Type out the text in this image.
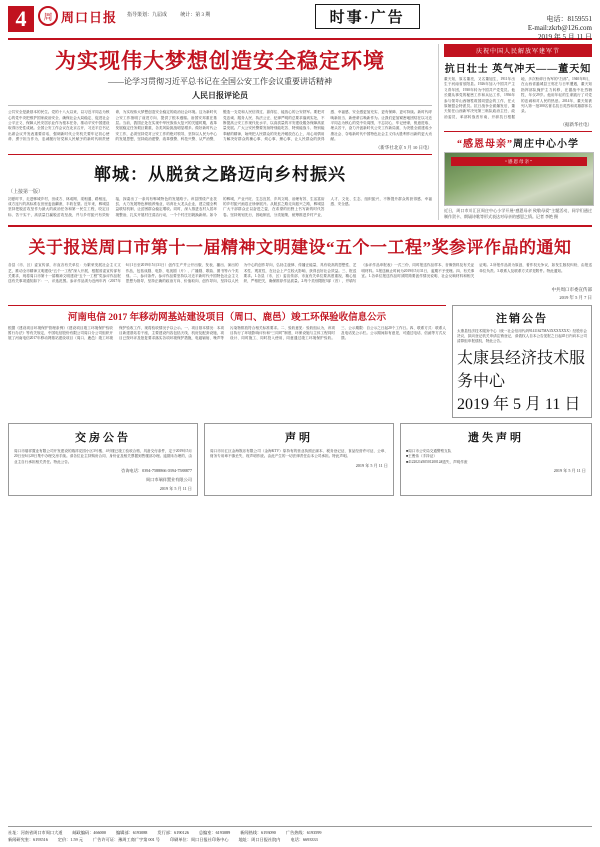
4	周 周口日报 指导策划：九届成	统计：第 3 期	时事·广告	电话：8159551
E-mail:zkrb@126.com
2019 年 5 月 11 日
为实现伟大梦想创造安全稳定环境
——论学习贯彻习近平总书记在全国公安工作会议重要讲话精神
人民日报评论员
公共安全是最基本的民生。党的十八大以来，以习近平同志为核心的党中央把维护国家政治安全、确保社会大局稳定、促进社会公平正义、保障人民安居乐业作为根本任务，推动平安中国建设取得历史性成就。全国公安工作会议在北京召开，习近平总书记出席会议并发表重要讲话，强调新时代公安机关要牢记初心使命、勇于担当作为，忠诚履行好党和人民赋予的新时代职责使命，为实现伟大梦想创造安全稳定的政治社会环境。这为新时代公安工作指明了前进方向、提供了根本遵循。治国安邦重在基层。当前，我国正处在实现中华民族伟大复兴的关键时期，改革发展稳定任务艰巨繁重，各类风险挑战明显增多。做好新时代公安工作，必须坚持党对公安工作的绝对领导，坚持以人民为中心的发展思想，坚持政治建警、改革强警、科技兴警、从严治警，锻造一支党和人民信得过、靠得住、能放心的公安铁军。要把对党忠诚、服务人民、执法公正、纪律严明的总要求落到实处，不断提高公安工作现代化水平，以高质量的平安建设服务保障高质量发展。广大公安民警要发扬特别能吃苦、特别能战斗、特别能奉献的精神，始终把人民群众的安危冷暖放在心上，用心用情用力解决好群众的操心事、烦心事、揪心事，让人民群众的获得感、幸福感、安全感更加充实、更有保障、更可持续。新时代呼唤新担当、新使命召唤新作为。让我们更加紧密地团结在以习近平同志为核心的党中央周围，不忘初心、牢记使命，锐意进取、埋头苦干，奋力开创新时代公安工作新局面，为决胜全面建成小康社会、夺取新时代中国特色社会主义伟大胜利作出新的更大贡献。
（新华社北京 5 月 10 日电）
郸城：从脱贫之路迈向乡村振兴
（上接第一版）
初夏时节，走进郸城乡村，田成方、林成网、渠相通、路相连，成方连片的高标准农田里麦浪翻滚，丰收在望。近年来，郸城县坚持把脱贫攻坚作为最大的政治任务和第一民生工程，咬定目标、苦干实干，高质量打赢脱贫攻坚战，并与乡村振兴有效衔接，探索出了一条具有郸城特色的发展路子。该县围绕产业扶贫，大力发展特色种植养殖业，培育壮大龙头企业，建立健全利益联结机制，让贫困群众稳定增收。同时，深入推进农村人居环境整治，扎实开展村庄清洁行动，一个个村庄旧貌换新颜。如今的郸城，产业兴旺、生态宜居、乡风文明、治理有效、生活富裕的乡村振兴画卷正徐徐展开。从脱贫之路走向振兴之路，郸城县广大干部群众正以奋进之姿，在希望的田野上书写新的时代答卷。坚持规划先行，因地制宜，分类施策，统筹推进乡村产业、人才、文化、生态、组织振兴，不断提升群众的获得感、幸福感、安全感。
庆祝中国人民解放军建军节
抗日壮士 英气冲天——董天知
董天知，原名董亮，又名董旭生，1911年出生于河南省荥阳县。1926年加入中国共产主义青年团，1930年转为中国共产党党员。他长期从事党的秘密工作和兵运工作，1936年参与领导山西牺牲救国同盟会的工作，任太原牺盟会特派员。抗日战争全面爆发后，董天知任山西新军决死第三纵队政治主任、政治委员，率部转战晋东南，开辟抗日根据地，多次粉碎日伪军的“扫荡”。1940年8月，在山西省潞城县王郭庄与日军遭遇，董天知指挥部队掩护主力转移，在激战中壮烈牺牲，年仅29岁。他用年轻的生命践行了对党的忠诚和对人民的热爱。2014年，董天知被列入第一批300名著名抗日英烈和英雄群体名录。
（据新华社电）
“感恩母亲”周庄中心小学
“感恩母亲”
近日，周口市川汇区周庄中心小学开展“感恩母亲 致敬母爱”主题活动，同学们通过制作贺卡、朗诵诗歌等形式表达对母亲的感恩之情。记者 李艳 摄
关于报送周口市第十一届精神文明建设“五个一工程”奖参评作品的通知
各县（市、区）委宣传部，市直各有关单位：为繁荣发展社会主义文艺，推动全市精神文明建设“五个一工程”深入开展，根据省委宣传部有关要求，现将周口市第十一届精神文明建设“五个一工程”奖参评作品报送有关事项通知如下：一、评选范围。参评作品须为近两年内（2017年6月1日至2019年5月31日）创作生产并公开出版、发表、播出、演出的作品，包括戏剧、电影、电视剧（片）、广播剧、歌曲、图书等六个类别。二、参评条件。参评作品要坚持以习近平新时代中国特色社会主义思想为指导，坚持正确的政治方向、价值取向、创作导向，坚持以人民为中心的创作导向，弘扬主旋律、传播正能量，具有较高的思想性、艺术性、观赏性，在社会上产生较大影响，获得良好社会效益。三、报送要求。1.各县（市、区）委宣传部、市直有关单位要高度重视，精心组织，严格把关，确保推荐作品质量。2.每个类别限报3部（首），并填写《参评作品申报表》一式三份，同时报送作品样本、音像资料及有关证明材料。3.报送截止时间为2019年5月31日，逾期不予受理。四、有关事宜。1.各单位报送作品时须附简要创作情况说明、社会反响材料和相关证明。2.所报作品须为原创，著作权无争议，如发生版权纠纷，由报送单位负责。3.联系人及联系方式详见附件。特此通知。
中共周口市委宣传部
2019 年 5 月 7 日
河南电信 2017 年移动网基站建设项目（周口、鹿邑）竣工环保验收信息公示
根据《建设项目环境保护管理条例》《建设项目竣工环境保护验收暂行办法》等有关规定，中国电信股份有限公司周口分公司组织开展了河南电信2017年移动网基站建设项目（周口、鹿邑）竣工环境保护验收工作，现将验收情况予以公示。一、项目基本情况：本项目新建基站若干座，主要建设内容包括天线、机房及配套设施，项目已按环评及批复要求落实各项环境保护措施，电磁辐射、噪声等污染物排放符合相关标准要求。二、验收意见：验收组认为，该项目执行了环境影响评价和“三同时”制度，环保设施与主体工程同时设计、同时施工、同时投入使用，同意通过竣工环境保护验收。三、公示期限：自公示之日起20个工作日。四、联系方式：联系人及电话见公示栏。公示期间如有意见，可通过电话、信函等方式反馈。
注销公告
太康县经济技术服务中心（统一社会信用代码91411627MA3XXXXXXX）经股东会决议，拟向登记机关申请注销登记，请债权人自本公告见报之日起45日内向本公司清算组申报债权，特此公告。
太康县经济技术服务中心
2019 年 5 月 11 日
交房公告
周口市瑞祥置业有限公司开发建设的瑞祥花园小区3号楼、4号楼已竣工验收合格，具备交付条件，定于2019年5月20日至6月20日集中办理交房手续。请各位业主持购房合同、身份证及相关票据到售楼部办理。逾期未办理的，由业主自行承担相关责任。特此公告。
咨询电话：0394-7588866 0394-7588877
周口市瑞祥置业有限公司
2019 年 5 月 11 日
声明
周口市川汇区金海娱乐有限公司（金海KTV）原持有的营业执照正副本、税务登记证、食品经营许可证、公章、财务专用章不慎丢失，现声明作废。由此产生的一切法律责任由本公司承担。特此声明。
2019 年 5 月 11 日
遗失声明
■周口市公安局交通警察支队
■王俊伟（手持证）
■4122021#3050120012#遗失，声明作废
2019 年 5 月 11 日
社址：河南省周口市周口大道 邮政编码：466000 编辑部：6193088 发行部：6190126 总编室：6193089 新闻热线：6193090 广告热线：6193599
新闻研究室：6193516 定价：1.59 元 广告许可证：豫周工商广字第 001 号 印刷单位：周口日报社印务中心 地址：周口日报社院内 电话：6693333
